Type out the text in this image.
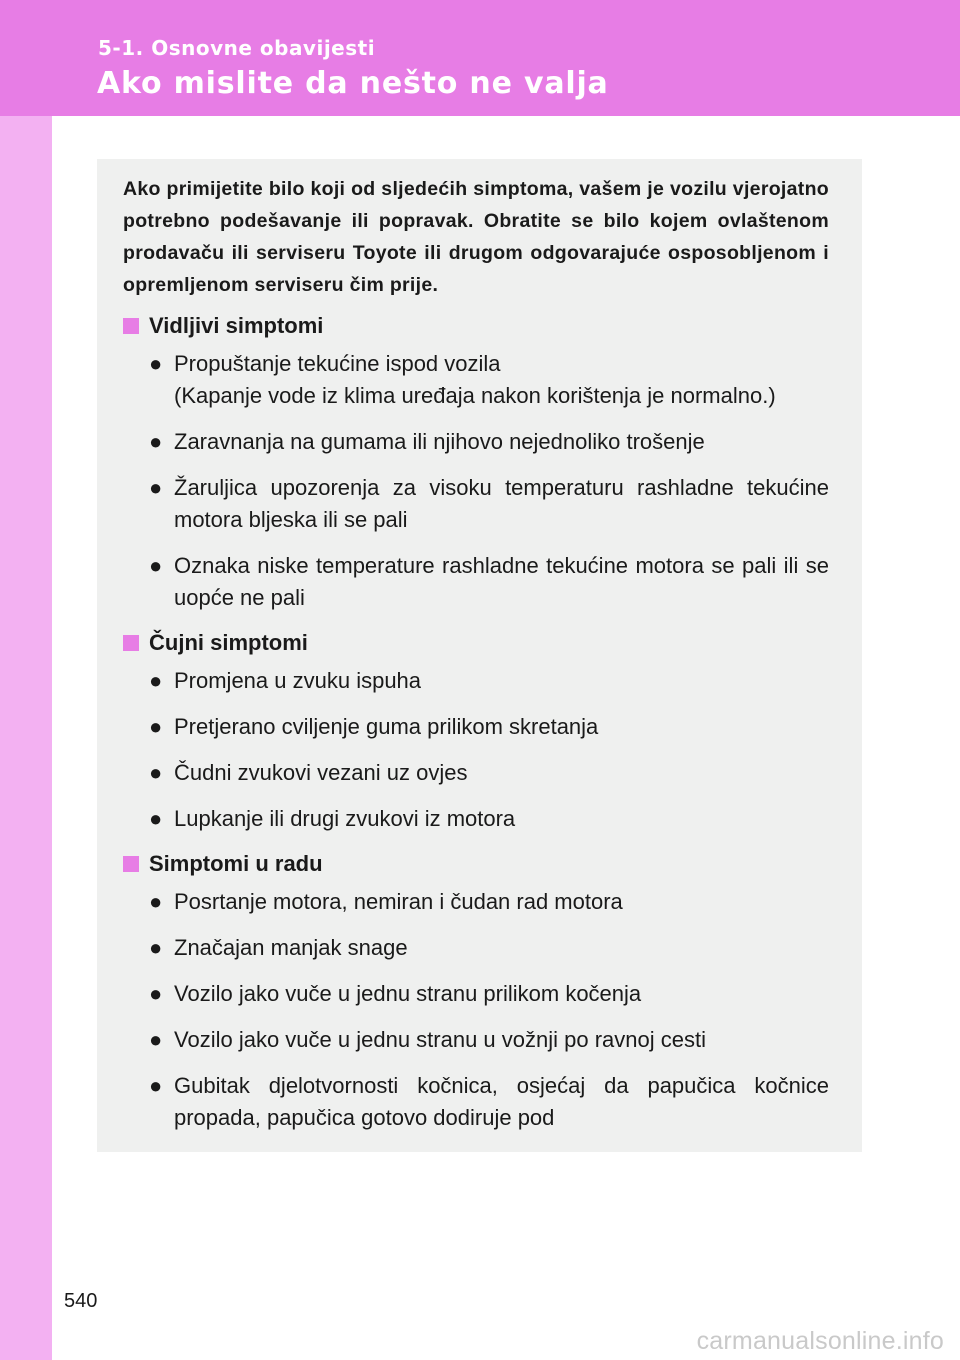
5-1. Osnovne obavijesti
Ako mislite da nešto ne valja

Ako primijetite bilo koji od sljedećih simptoma, vašem je vozilu vjerojatno potrebno podešavanje ili popravak. Obratite se bilo kojem ovlaštenom prodavaču ili serviseru Toyote ili drugom odgovarajuće osposobljenom i opremljenom serviseru čim prije.

Vidljivi simptomi
● Propuštanje tekućine ispod vozila
(Kapanje vode iz klima uređaja nakon korištenja je normalno.)
● Zaravnanja na gumama ili njihovo nejednoliko trošenje
● Žaruljica upozorenja za visoku temperaturu rashladne tekućine motora bljeska ili se pali
● Oznaka niske temperature rashladne tekućine motora se pali ili se uopće ne pali
Čujni simptomi
● Promjena u zvuku ispuha
● Pretjerano cviljenje guma prilikom skretanja
● Čudni zvukovi vezani uz ovjes
● Lupkanje ili drugi zvukovi iz motora
Simptomi u radu
● Posrtanje motora, nemiran i čudan rad motora
● Značajan manjak snage
● Vozilo jako vuče u jednu stranu prilikom kočenja
● Vozilo jako vuče u jednu stranu u vožnji po ravnoj cesti
● Gubitak djelotvornosti kočnica, osjećaj da papučica kočnice propada, papučica gotovo dodiruje pod
540
carmanualsonline.info
